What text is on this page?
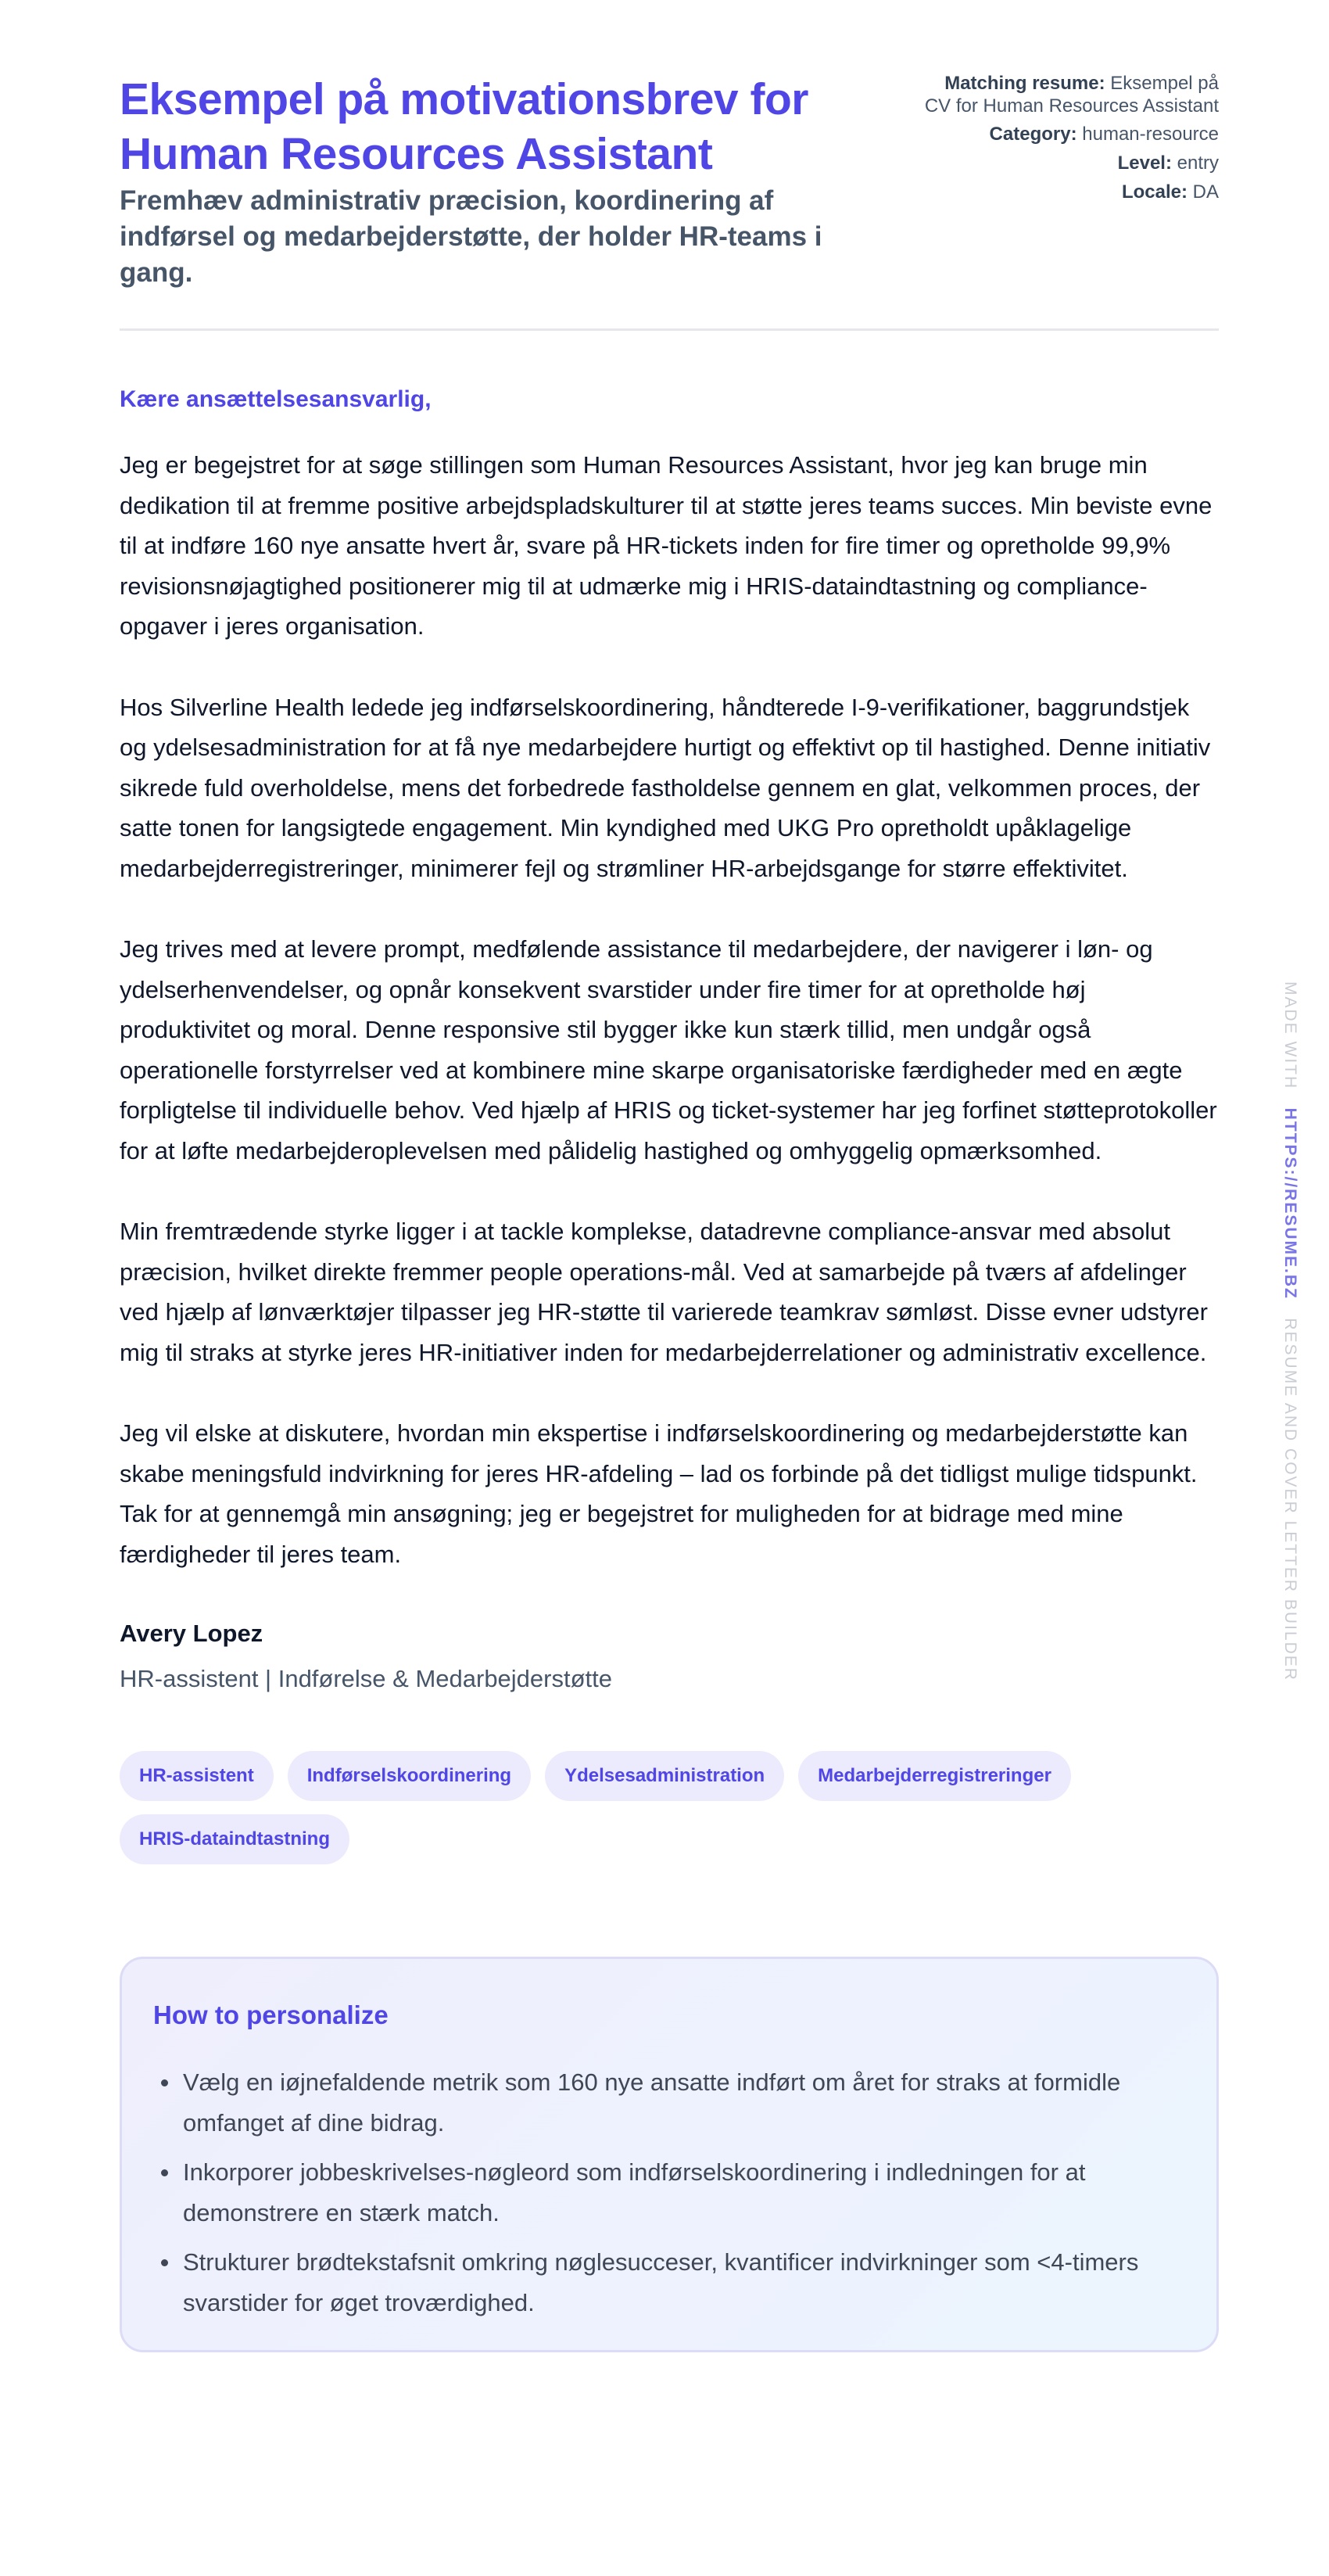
Eksempel på motivationsbrev for Human Resources Assistant
Fremhæv administrativ præcision, koordinering af indførsel og medarbejderstøtte, der holder HR-teams i gang.
Matching resume: Eksempel på CV for Human Resources Assistant
Category: human-resource
Level: entry
Locale: DA

Kære ansættelsesansvarlig,

Jeg er begejstret for at søge stillingen som Human Resources Assistant, hvor jeg kan bruge min dedikation til at fremme positive arbejdspladskulturer til at støtte jeres teams succes. Min beviste evne til at indføre 160 nye ansatte hvert år, svare på HR-tickets inden for fire timer og opretholde 99,9% revisionsnøjagtighed positionerer mig til at udmærke mig i HRIS-dataindtastning og compliance-opgaver i jeres organisation.

Hos Silverline Health ledede jeg indførselskoordinering, håndterede I-9-verifikationer, baggrundstjek og ydelsesadministration for at få nye medarbejdere hurtigt og effektivt op til hastighed. Denne initiativ sikrede fuld overholdelse, mens det forbedrede fastholdelse gennem en glat, velkommen proces, der satte tonen for langsigtede engagement. Min kyndighed med UKG Pro opretholdt upåklagelige medarbejderregistreringer, minimerer fejl og strømliner HR-arbejdsgange for større effektivitet.

Jeg trives med at levere prompt, medfølende assistance til medarbejdere, der navigerer i løn- og ydelserhenvendelser, og opnår konsekvent svarstider under fire timer for at opretholde høj produktivitet og moral. Denne responsive stil bygger ikke kun stærk tillid, men undgår også operationelle forstyrrelser ved at kombinere mine skarpe organisatoriske færdigheder med en ægte forpligtelse til individuelle behov. Ved hjælp af HRIS og ticket-systemer har jeg forfinet støtteprotokoller for at løfte medarbejderoplevelsen med pålidelig hastighed og omhyggelig opmærksomhed.

Min fremtrædende styrke ligger i at tackle komplekse, datadrevne compliance-ansvar med absolut præcision, hvilket direkte fremmer people operations-mål. Ved at samarbejde på tværs af afdelinger ved hjælp af lønværktøjer tilpasser jeg HR-støtte til varierede teamkrav sømløst. Disse evner udstyrer mig til straks at styrke jeres HR-initiativer inden for medarbejderrelationer og administrativ excellence.

Jeg vil elske at diskutere, hvordan min ekspertise i indførselskoordinering og medarbejderstøtte kan skabe meningsfuld indvirkning for jeres HR-afdeling – lad os forbinde på det tidligst mulige tidspunkt. Tak for at gennemgå min ansøgning; jeg er begejstret for muligheden for at bidrage med mine færdigheder til jeres team.

Avery Lopez
HR-assistent | Indførelse & Medarbejderstøtte
HR-assistent	Indførselskoordinering	Ydelsesadministration	Medarbejderregistreringer
HRIS-dataindtastning
How to personalize
Vælg en iøjnefaldende metrik som 160 nye ansatte indført om året for straks at formidle omfanget af dine bidrag.
Inkorporer jobbeskrivelses-nøgleord som indførselskoordinering i indledningen for at demonstrere en stærk match.
Strukturer brødtekstafsnit omkring nøglesucceser, kvantificer indvirkninger som <4-timers svarstider for øget troværdighed.
MADE WITH   HTTPS://RESUME.BZ   RESUME AND COVER LETTER BUILDER
